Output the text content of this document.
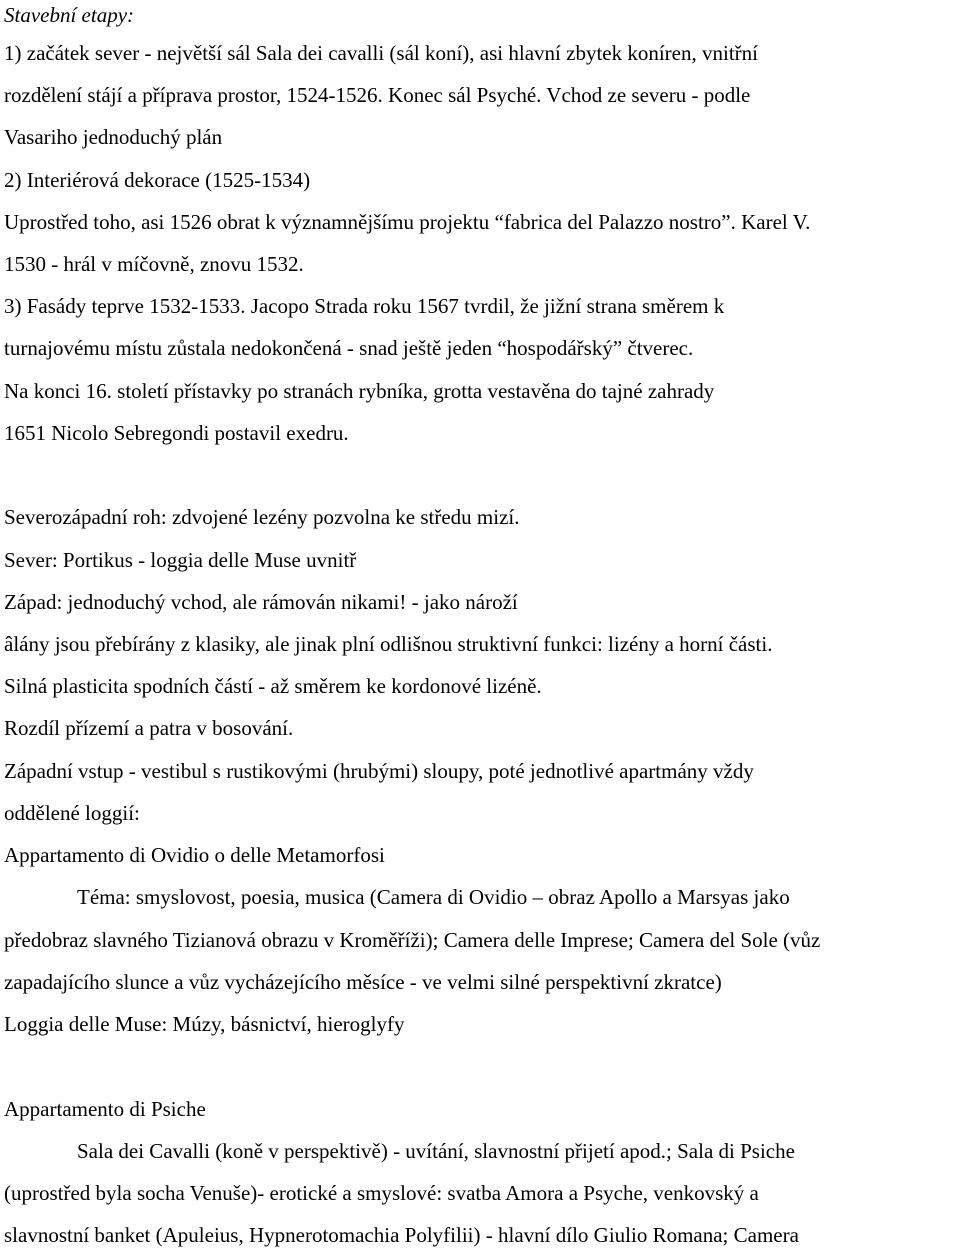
Stavební etapy:
1) začátek sever - největší sál Sala dei cavalli (sál koní), asi hlavní zbytek koníren, vnitřní
rozdělení stájí a příprava prostor, 1524-1526. Konec sál Psyché. Vchod ze severu - podle
Vasariho jednoduchý plán
2) Interiérová dekorace (1525-1534)
Uprostřed toho, asi 1526 obrat k významnějšímu projektu “fabrica del Palazzo nostro”. Karel V.
1530 - hrál v míčovně, znovu 1532.
3) Fasády teprve 1532-1533. Jacopo Strada roku 1567 tvrdil, že jižní strana směrem k
turnajovému místu zůstala nedokončená - snad ještě jeden “hospodářský” čtverec.
Na konci 16. století přístavky po stranách rybníka, grotta vestavěna do tajné zahrady
1651 Nicolo Sebregondi postavil exedru.
Severozápadní roh: zdvojené lezény pozvolna ke středu mizí.
Sever: Portikus - loggia delle Muse uvnitř
Západ: jednoduchý vchod, ale rámován nikami! - jako nároží
âlány jsou přebírány z klasiky, ale jinak plní odlišnou struktivní funkci: lizény a horní části.
Silná plasticita spodních částí - až směrem ke kordonové lizéně.
Rozdíl přízemí a patra v bosování.
Západní vstup - vestibul s rustikovými (hrubými) sloupy, poté jednotlivé apartmány vždy
oddělené loggií:
Appartamento di Ovidio o delle Metamorfosi
Téma: smyslovost, poesia, musica (Camera di Ovidio – obraz Apollo a Marsyas jako
předobraz slavného Tizianová obrazu v Kroměříži); Camera delle Imprese; Camera del Sole (vůz
zapadajícího slunce a vůz vycházejícího měsíce - ve velmi silné perspektivní zkratce)
Loggia delle Muse: Múzy, básnictví, hieroglyfy
Appartamento di Psiche
Sala dei Cavalli (koně v perspektivě) - uvítání, slavnostní přijetí apod.; Sala di Psiche
(uprostřed byla socha Venuše)- erotické a smyslové: svatba Amora a Psyche, venkovský a
slavnostní banket (Apuleius, Hypnerotomachia Polyfilii) - hlavní dílo Giulio Romana; Camera
